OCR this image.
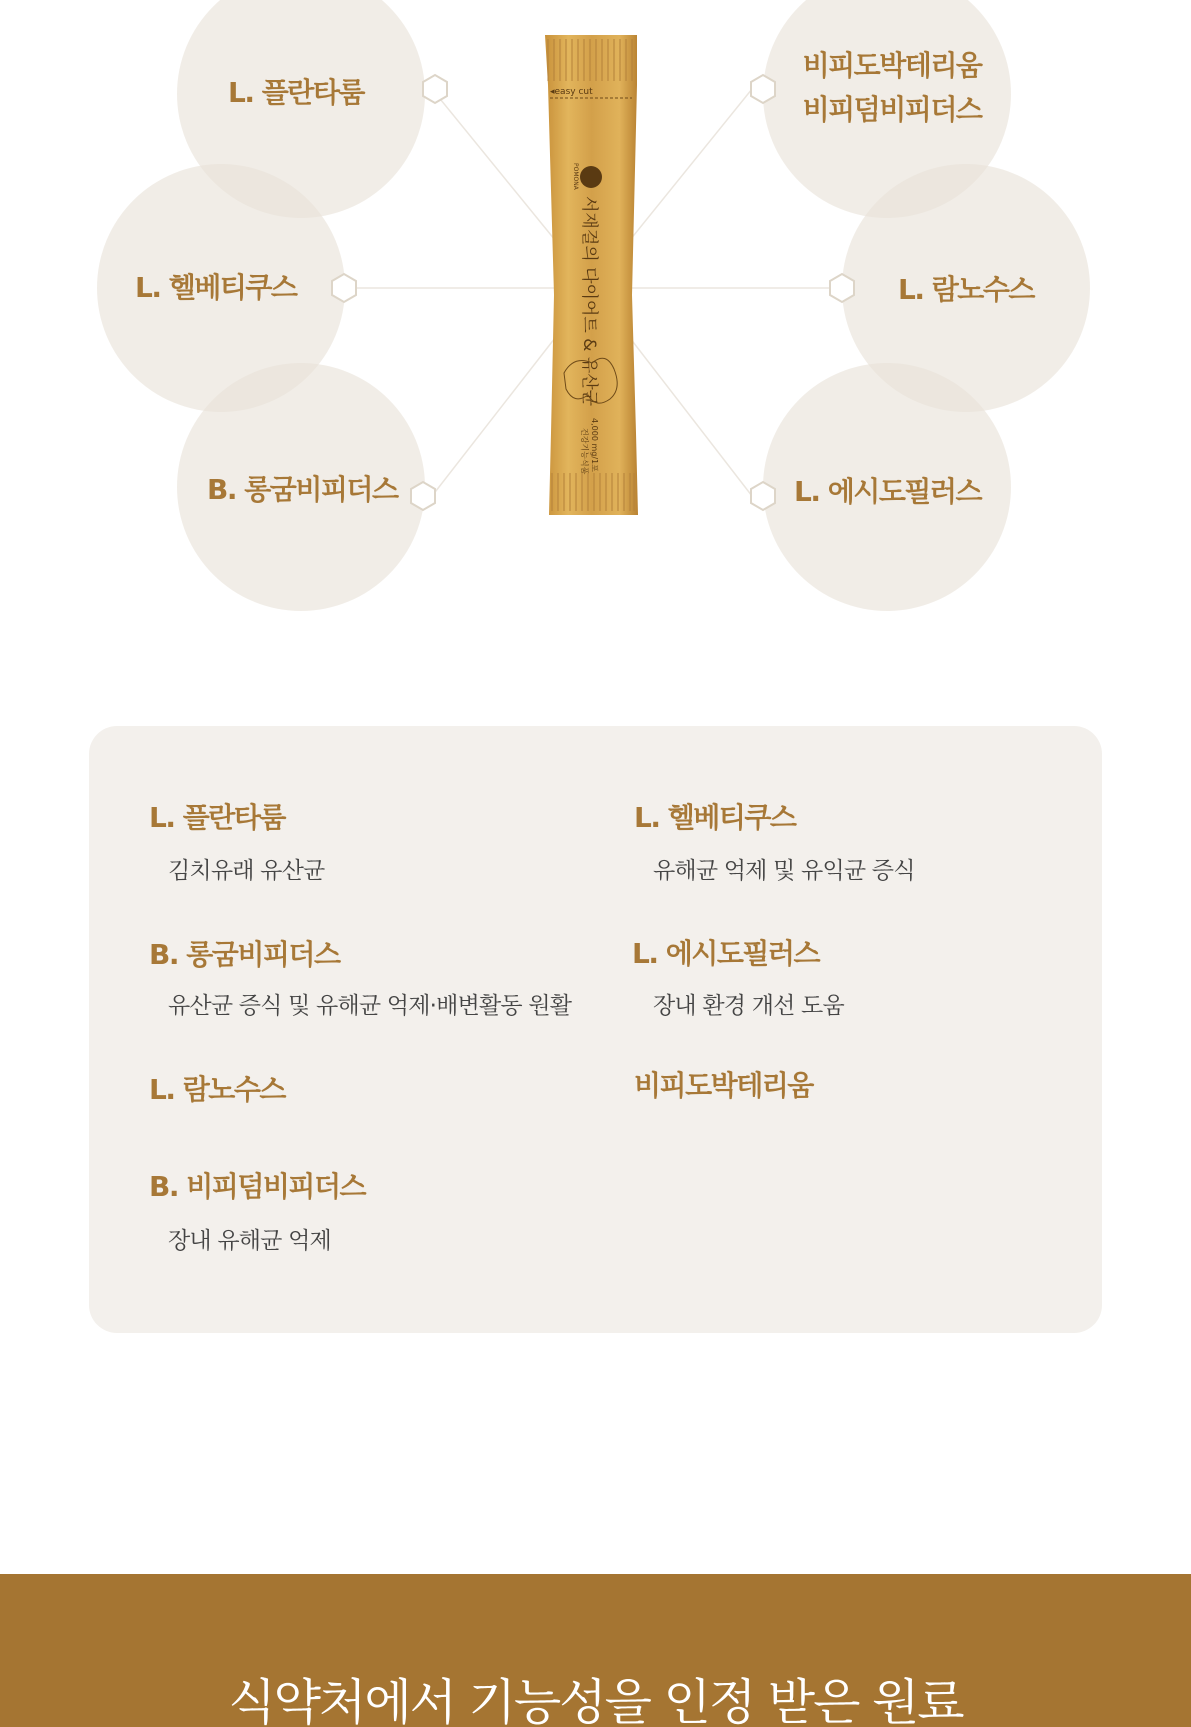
L. 플란타룸
L. 헬베티쿠스
B. 롱굼비피더스
비피도박테리움
비피덤비피더스
L. 람노수스
L. 에시도필러스
◂easy cut
POMONA
서재걸의 다이어트 & 유산균
4,000 mg/1포
건강기능식품
L. 플란타룸
김치유래 유산균
L. 헬베티쿠스
유해균 억제 및 유익균 증식
B. 롱굼비피더스
유산균 증식 및 유해균 억제·배변활동 원활
L. 에시도필러스
장내 환경 개선 도움
L. 람노수스	비피도박테리움
B. 비피덤비피더스
장내 유해균 억제
식약처에서 기능성을 인정 받은 원료
